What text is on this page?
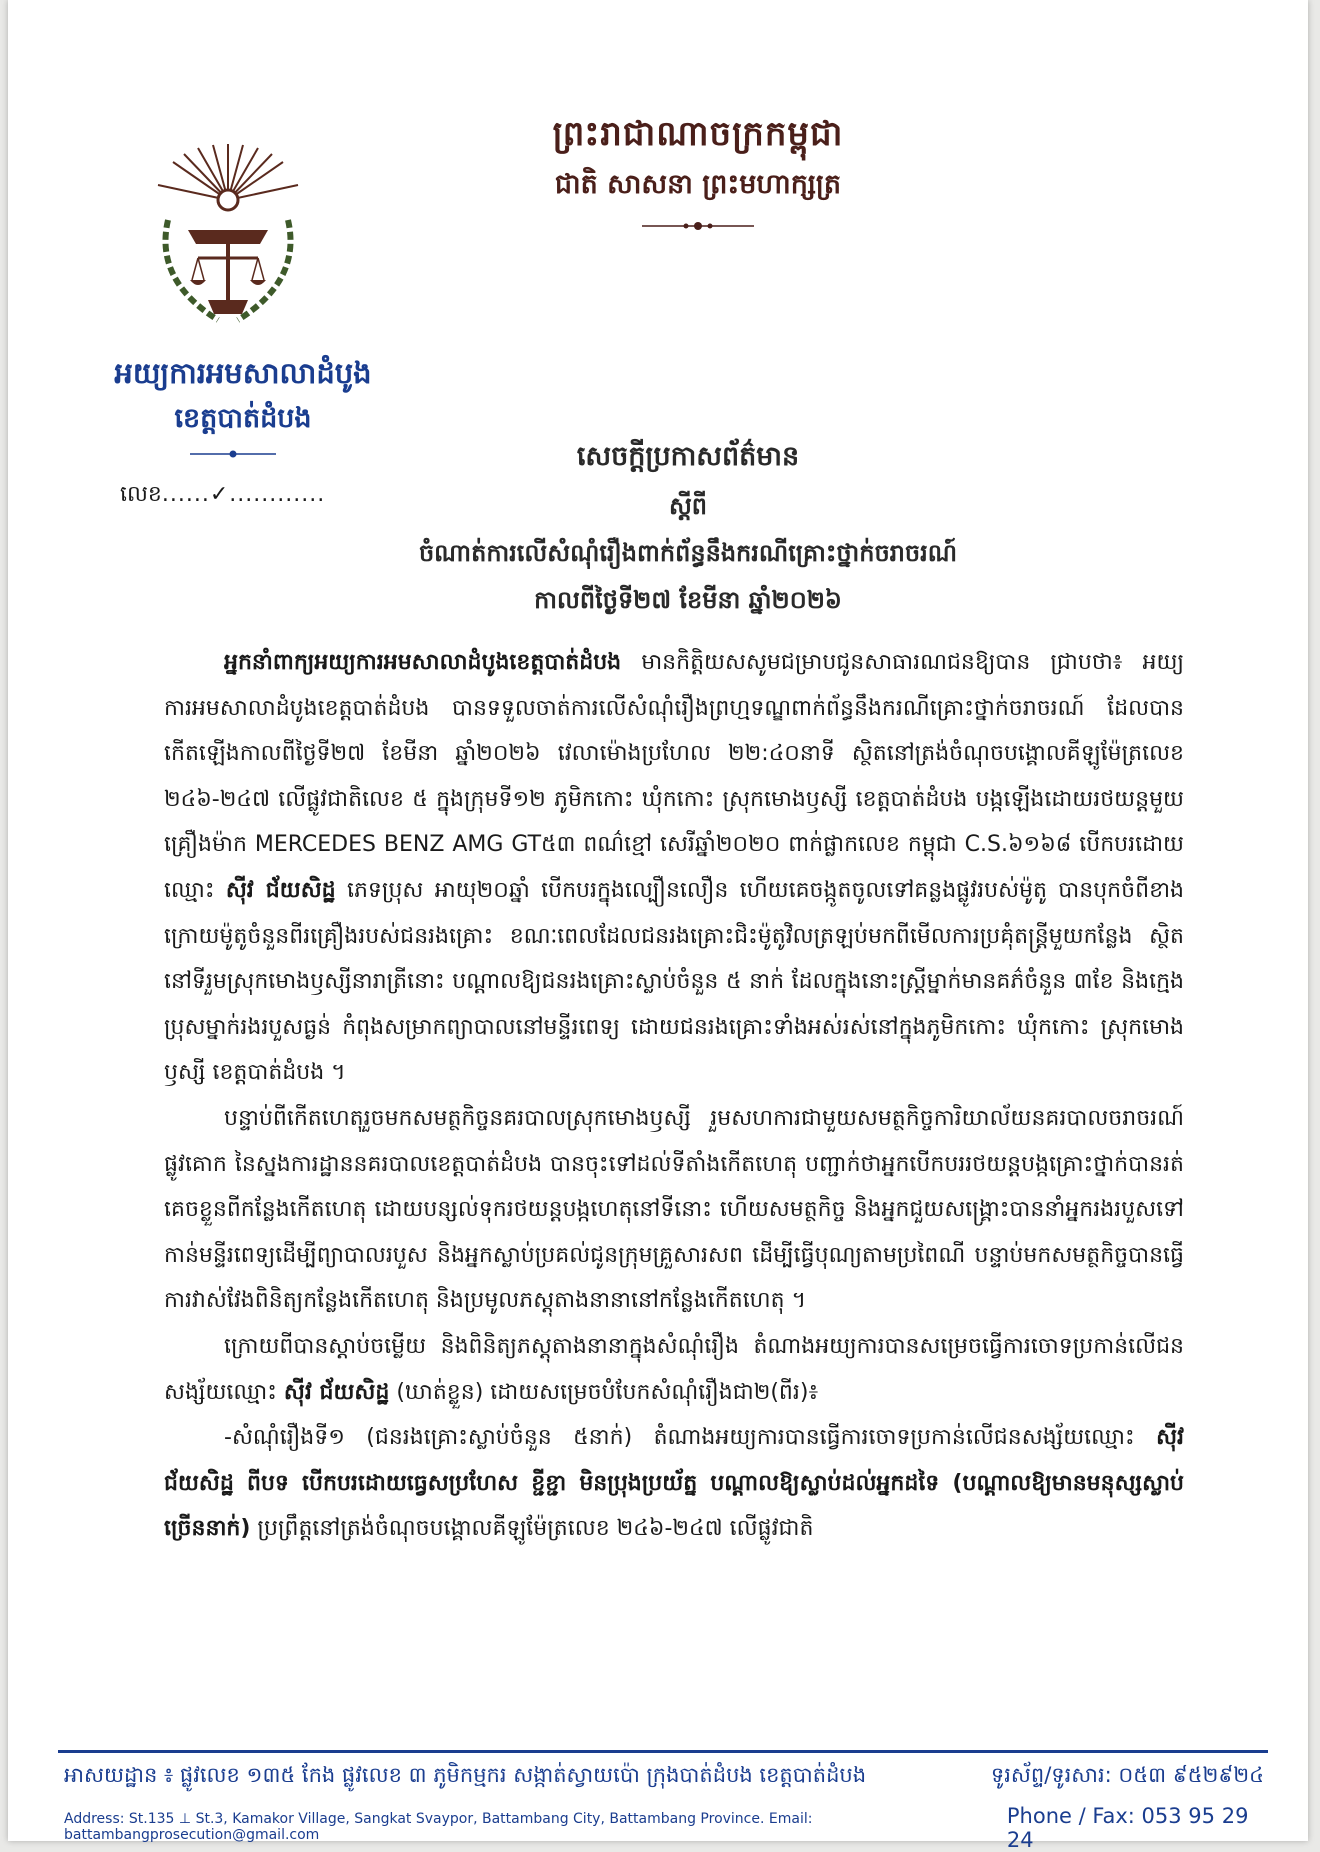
ព្រះរាជាណាចក្រកម្ពុជា
ជាតិ សាសនា ព្រះមហាក្សត្រ
អយ្យការអមសាលាដំបូង
ខេត្តបាត់ដំបង
លេខ......✓............
សេចក្តីប្រកាសព័ត៌មាន
ស្តីពី
ចំណាត់ការលើសំណុំរឿងពាក់ព័ន្ធនឹងករណីគ្រោះថ្នាក់ចរាចរណ៍
កាលពីថ្ងៃទី២៧ ខែមីនា ឆ្នាំ២០២៦

អ្នកនាំពាក្យអយ្យការអមសាលាដំបូងខេត្តបាត់ដំបង មានកិត្តិយសសូមជម្រាបជូនសាធារណជនឱ្យបាន ជ្រាបថា៖ អយ្យការអមសាលាដំបូងខេត្តបាត់ដំបង បានទទួលចាត់ការលើសំណុំរឿងព្រហ្មទណ្ឌពាក់ព័ន្ធនឹងករណីគ្រោះថ្នាក់ចរាចរណ៍ ដែលបានកើតឡើងកាលពីថ្ងៃទី២៧ ខែមីនា ឆ្នាំ២០២៦ វេលាម៉ោងប្រហែល ២២:៤០នាទី ស្ថិតនៅត្រង់ចំណុចបង្គោលគីឡូម៉ែត្រលេខ ២៤៦-២៤៧ លើផ្លូវជាតិលេខ ៥ ក្នុងក្រុមទី១២ ភូមិកកោះ ឃុំកកោះ ស្រុកមោងឫស្សី ខេត្តបាត់ដំបង បង្កឡើងដោយរថយន្តមួយគ្រឿងម៉ាក MERCEDES BENZ AMG GT៥៣ ពណ៌ខ្មៅ សេរីឆ្នាំ២០២០ ពាក់ផ្លាកលេខ កម្ពុជា C.S.៦១៦៨ បើកបរដោយឈ្មោះ ស៊ីវ ជ័យសិដ្ឋ ភេទប្រុស អាយុ២០ឆ្នាំ បើកបរក្នុងល្បឿនលឿន ហើយគេចង្កូតចូលទៅគន្លងផ្លូវរបស់ម៉ូតូ បានបុកចំពីខាងក្រោយម៉ូតូចំនួនពីរគ្រឿងរបស់ជនរងគ្រោះ ខណៈពេលដែលជនរងគ្រោះជិះម៉ូតូវិលត្រឡប់មកពីមើលការប្រគុំតន្ត្រីមួយកន្លែង ស្ថិតនៅទីរួមស្រុកមោងឫស្សីនារាត្រីនោះ បណ្តាលឱ្យជនរងគ្រោះស្លាប់ចំនួន ៥ នាក់ ដែលក្នុងនោះស្ត្រីម្នាក់មានគភ៌ចំនួន ៣ខែ និងក្មេងប្រុសម្នាក់រងរបួសធ្ងន់ កំពុងសម្រាកព្យាបាលនៅមន្ទីរពេទ្យ ដោយជនរងគ្រោះទាំងអស់រស់នៅក្នុងភូមិកកោះ ឃុំកកោះ ស្រុកមោងឫស្សី ខេត្តបាត់ដំបង ។

បន្ទាប់ពីកើតហេតុរួចមកសមត្ថកិច្ចនគរបាលស្រុកមោងឫស្សី រួមសហការជាមួយសមត្ថកិច្ចការិយាល័យនគរបាលចរាចរណ៍ផ្លូវគោក នៃស្នងការដ្ឋាននគរបាលខេត្តបាត់ដំបង បានចុះទៅដល់ទីតាំងកើតហេតុ បញ្ជាក់ថាអ្នកបើកបររថយន្តបង្កគ្រោះថ្នាក់បានរត់គេចខ្លួនពីកន្លែងកើតហេតុ ដោយបន្សល់ទុករថយន្តបង្កហេតុនៅទីនោះ ហើយសមត្ថកិច្ច និងអ្នកជួយសង្គ្រោះបាននាំអ្នករងរបួសទៅកាន់មន្ទីរពេទ្យដើម្បីព្យាបាលរបួស និងអ្នកស្លាប់ប្រគល់ជូនក្រុមគ្រួសារសព ដើម្បីធ្វើបុណ្យតាមប្រពៃណី បន្ទាប់មកសមត្ថកិច្ចបានធ្វើការវាស់វែងពិនិត្យកន្លែងកើតហេតុ និងប្រមូលភស្តុតាងនានានៅកន្លែងកើតហេតុ ។

ក្រោយពីបានស្តាប់ចម្លើយ និងពិនិត្យភស្តុតាងនានាក្នុងសំណុំរឿង តំណាងអយ្យការបានសម្រេចធ្វើការចោទប្រកាន់លើជនសង្ស័យឈ្មោះ ស៊ីវ ជ័យសិដ្ឋ (ឃាត់ខ្លួន) ដោយសម្រេចបំបែកសំណុំរឿងជា២(ពីរ)៖

-សំណុំរឿងទី១ (ជនរងគ្រោះស្លាប់ចំនួន ៥នាក់) តំណាងអយ្យការបានធ្វើការចោទប្រកាន់លើជនសង្ស័យឈ្មោះ ស៊ីវ ជ័យសិដ្ឋ ពីបទ បើកបរដោយធ្វេសប្រហែស ខ្ជីខ្ជា មិនប្រុងប្រយ័ត្ន បណ្តាលឱ្យស្លាប់ដល់អ្នកដទៃ (បណ្តាលឱ្យមានមនុស្សស្លាប់ច្រើននាក់) ប្រព្រឹត្តនៅត្រង់ចំណុចបង្គោលគីឡូម៉ែត្រលេខ ២៤៦-២៤៧ លើផ្លូវជាតិ

អាសយដ្ឋាន ៖ ផ្លូវលេខ ១៣៥ កែង ផ្លូវលេខ ៣ ភូមិកម្មករ សង្កាត់ស្វាយប៉ោ ក្រុងបាត់ដំបង ខេត្តបាត់ដំបង	ទូរស័ព្ទ/ទូរសារ: ០៥៣ ៩៥២៩២៤
Address: St.135 ⊥ St.3, Kamakor Village, Sangkat Svaypor, Battambang City, Battambang Province. Email: battambangprosecution@gmail.com
Phone / Fax: 053 95 29 24
